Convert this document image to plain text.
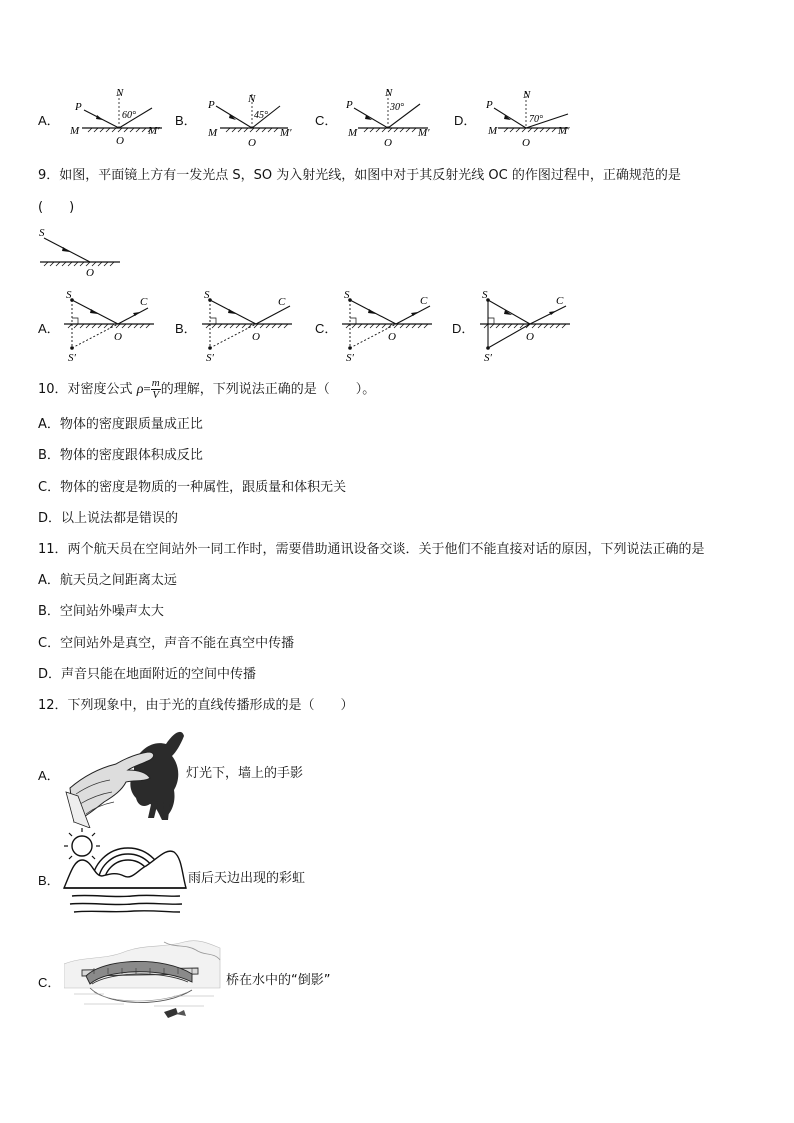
A．
P
N
60°
M	M′
O
B．
P	N
45°
M	M′
O
C．
P
N
30°
M	M′
O
D．
P
N
70°
M	M′
O
9．如图，平面镜上方有一发光点 S，SO 为入射光线，如图中对于其反射光线 OC 的作图过程中，正确规范的是
(　　)
S
O
A．
S
C
O
S′
B．
S
C
O
S′
C．
S	C
O
S′
D．
S	C
O
S′
10．对密度公式 $\rho= \frac{m}{V}$ 的理解，下列说法正确的是（　　）。
A．物体的密度跟质量成正比
B．物体的密度跟体积成反比
C．物体的密度是物质的一种属性，跟质量和体积无关
D．以上说法都是错误的
11．两个航天员在空间站外一同工作时，需要借助通讯设备交谈．关于他们不能直接对话的原因，下列说法正确的是
A．航天员之间距离太远
B．空间站外噪声太大
C．空间站外是真空，声音不能在真空中传播
D．声音只能在地面附近的空间中传播
12．下列现象中，由于光的直线传播形成的是（　　）
A．	灯光下，墙上的手影
B．	雨后天边出现的彩虹
C．	桥在水中的“倒影”
